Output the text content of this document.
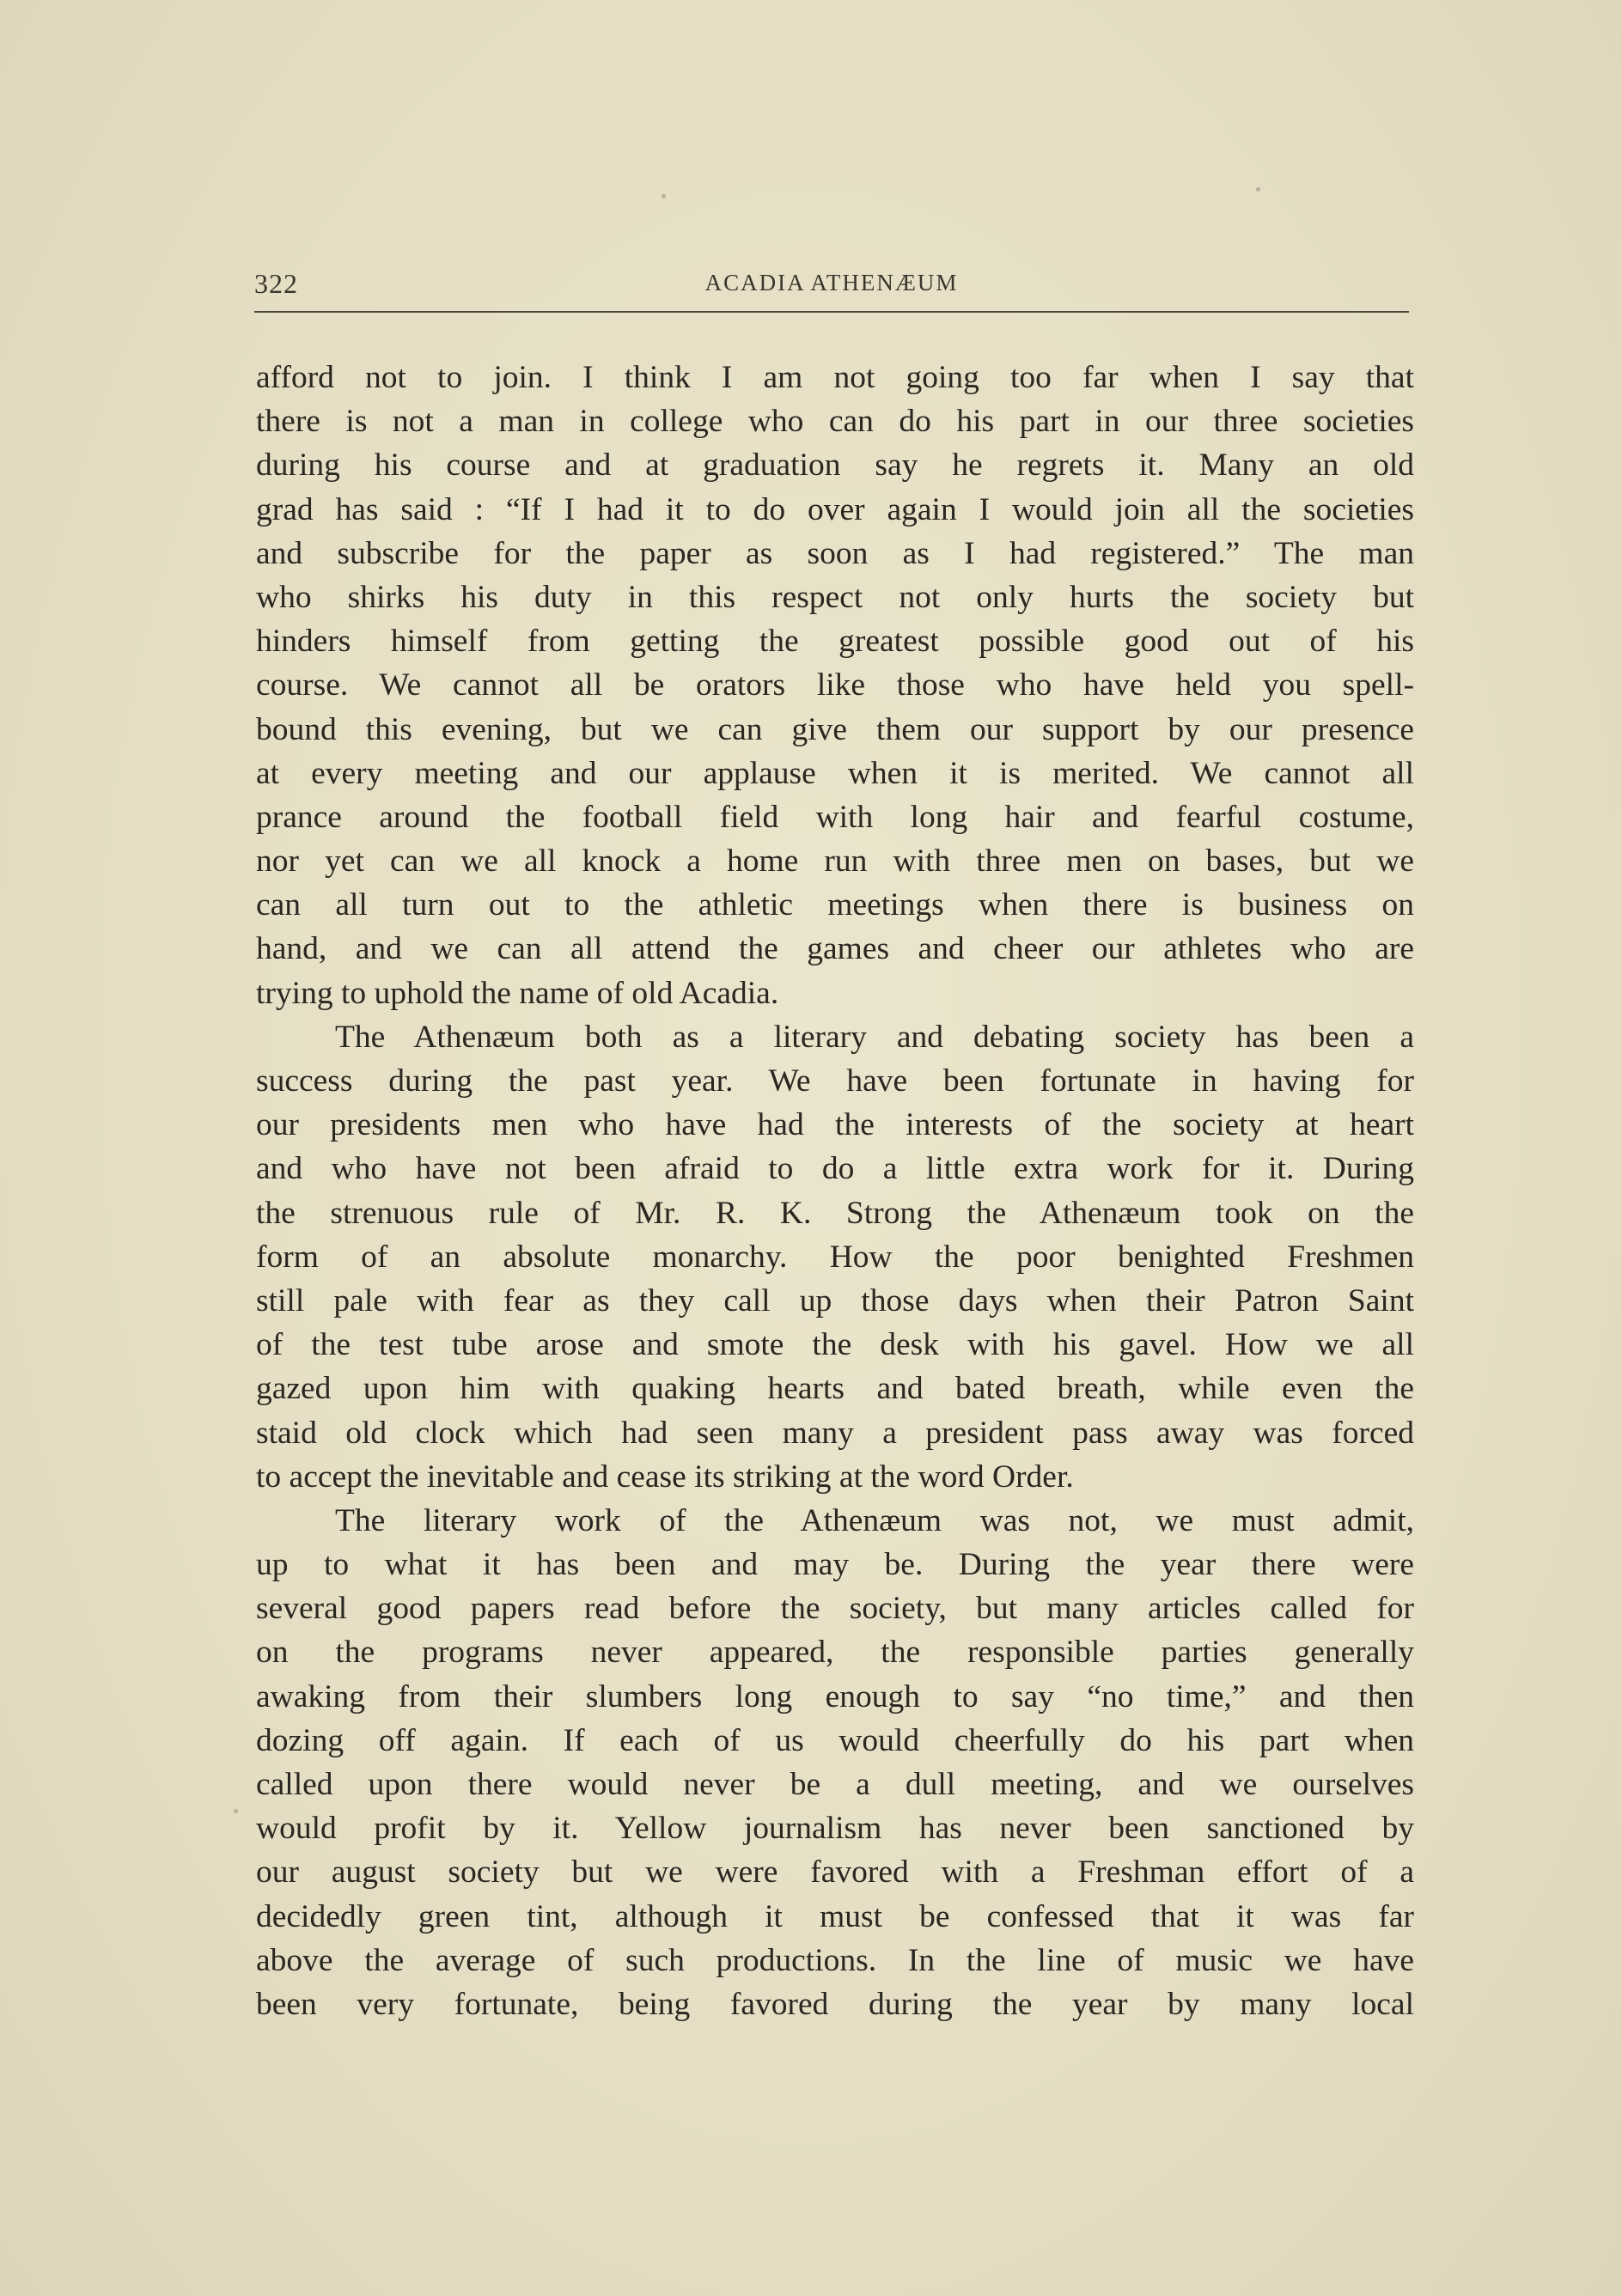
322	ACADIA ATHENÆUM
afford not to join. I think I am not going too far when I say that
there is not a man in college who can do his part in our three societies
during his course and at graduation say he regrets it. Many an old
grad has said : “If I had it to do over again I would join all the societies
and subscribe for the paper as soon as I had registered.” The man
who shirks his duty in this respect not only hurts the society but
hinders himself from getting the greatest possible good out of his
course. We cannot all be orators like those who have held you spell-
bound this evening, but we can give them our support by our presence
at every meeting and our applause when it is merited. We cannot all
prance around the football field with long hair and fearful costume,
nor yet can we all knock a home run with three men on bases, but we
can all turn out to the athletic meetings when there is business on
hand, and we can all attend the games and cheer our athletes who are
trying to uphold the name of old Acadia.
The Athenæum both as a literary and debating society has been a
success during the past year. We have been fortunate in having for
our presidents men who have had the interests of the society at heart
and who have not been afraid to do a little extra work for it. During
the strenuous rule of Mr. R. K. Strong the Athenæum took on the
form of an absolute monarchy. How the poor benighted Freshmen
still pale with fear as they call up those days when their Patron Saint
of the test tube arose and smote the desk with his gavel. How we all
gazed upon him with quaking hearts and bated breath, while even the
staid old clock which had seen many a president pass away was forced
to accept the inevitable and cease its striking at the word Order.
The literary work of the Athenæum was not, we must admit,
up to what it has been and may be. During the year there were
several good papers read before the society, but many articles called for
on the programs never appeared, the responsible parties generally
awaking from their slumbers long enough to say “no time,” and then
dozing off again. If each of us would cheerfully do his part when
called upon there would never be a dull meeting, and we ourselves
would profit by it. Yellow journalism has never been sanctioned by
our august society but we were favored with a Freshman effort of a
decidedly green tint, although it must be confessed that it was far
above the average of such productions. In the line of music we have
been very fortunate, being favored during the year by many local
